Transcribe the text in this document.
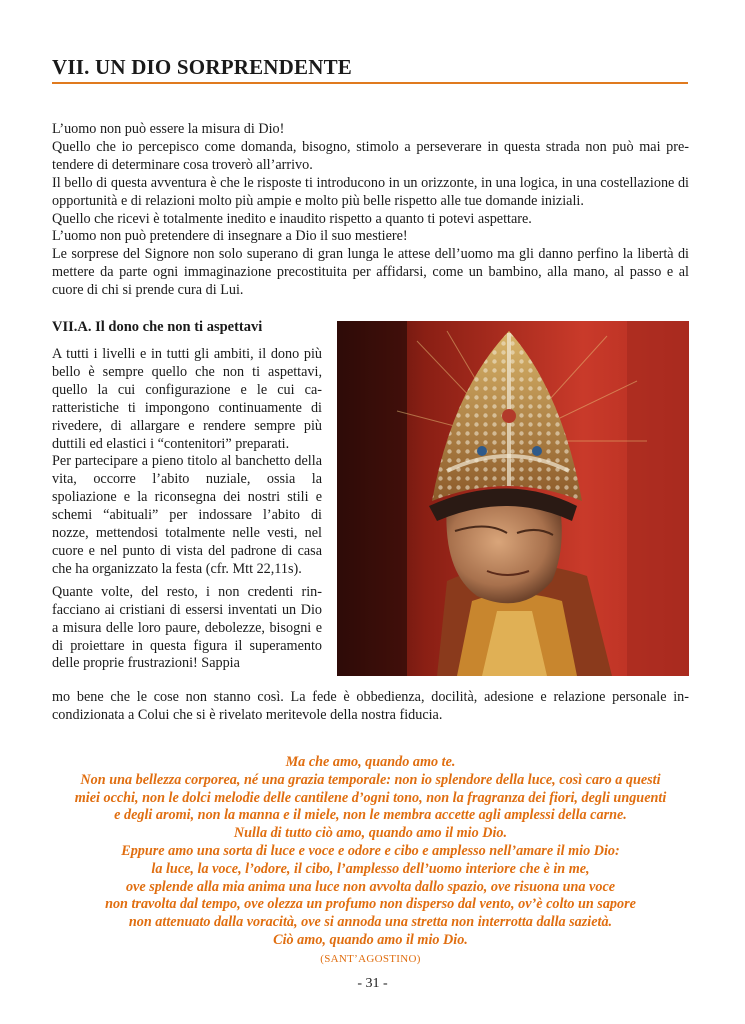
VII. UN DIO SORPRENDENTE

L’uomo non può essere la misura di Dio!

Quello che io percepisco come domanda, bisogno, stimolo a perseverare in questa strada non può mai pretendere di determinare cosa troverò all’arrivo.

Il bello di questa avventura è che le risposte ti introducono in un orizzonte, in una logica, in una costellazione di opportunità e di relazioni molto più ampie e molto più belle rispetto alle tue domande iniziali.

Quello che ricevi è totalmente inedito e inaudito rispetto a quanto ti potevi aspettare.

L’uomo non può pretendere di insegnare a Dio il suo mestiere!

Le sorprese del Signore non solo superano di gran lunga le attese dell’uomo ma gli danno perfino la libertà di mettere da parte ogni immaginazione precostituita per affidarsi, come un bambino, alla mano, al passo e al cuore di chi si prende cura di Lui.

VII.A. Il dono che non ti aspettavi

A tutti i livelli e in tutti gli ambiti, il dono più bello è sempre quello che non ti aspettavi, quello la cui configurazione e le cui caratteristiche ti impongono continuamente di rivedere, di allargare e rendere sempre più duttili ed elastici i “contenitori” preparati.

Per partecipare a pieno titolo al banchetto della vita, occorre l’abito nuziale, ossia la spoliazione e la riconsegna dei nostri stili e schemi “abituali” per indossare l’abito di nozze, mettendosi totalmente nelle vesti, nel cuore e nel punto di vista del padrone di casa che ha organizzato la festa (cfr. Mtt 22,11s).

Quante volte, del resto, i non credenti rinfacciano ai cristiani di essersi inventati un Dio a misura delle loro paure, debolezze, bisogni e di proiettare in questa figura il superamento delle proprie frustrazioni! Sappia

mo bene che le cose non stanno così. La fede è obbedienza, docilità, adesione e relazione personale incondizionata a Colui che si è rivelato meritevole della nostra fiducia.

Ma che amo, quando amo te.

Non una bellezza corporea, né una grazia temporale: non io splendore della luce, così caro a questi

miei occhi, non le dolci melodie delle cantilene d’ogni tono, non la fragranza dei fiori, degli unguenti

e degli aromi, non la manna e il miele, non le membra accette agli amplessi della carne.

Nulla di tutto ciò amo, quando amo il mio Dio.

Eppure amo una sorta di luce e voce e odore e cibo e amplesso nell’amare il mio Dio:

la luce, la voce, l’odore, il cibo, l’amplesso dell’uomo interiore che è in me,

ove splende alla mia anima una luce non avvolta dallo spazio, ove risuona una voce

non travolta dal tempo, ove olezza un profumo non disperso dal vento, ov’è colto un sapore

non attenuato dalla voracità, ove si annoda una stretta non interrotta dalla sazietà.

Ciò amo, quando amo il mio Dio.

(SANT’AGOSTINO)

- 31 -
